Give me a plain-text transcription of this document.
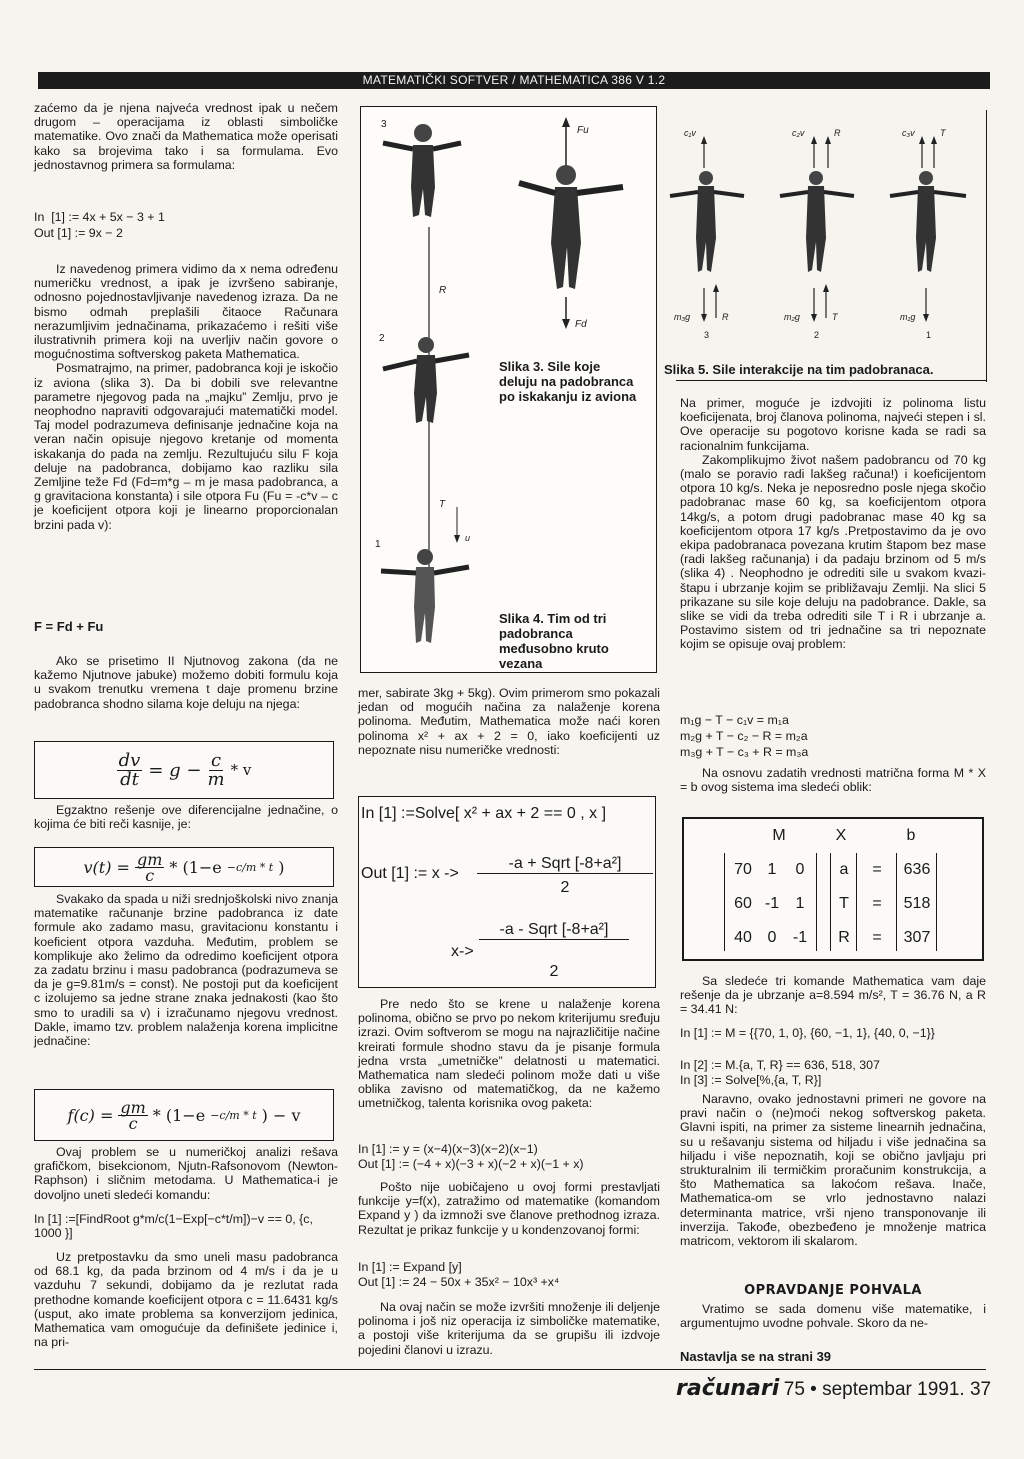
MATEMATIČKI SOFTVER / MATHEMATICA 386 V 1.2

zaćemo da je njena najveća vrednost ipak u nečem drugom – operacijama iz oblasti simboličke matematike. Ovo znači da Mathematica može operisati kako sa brojevima tako i sa formulama. Evo jednostavnog primera sa formulama:

In  [1] := 4x + 5x − 3 + 1
Out [1] := 9x − 2

Iz navedenog primera vidimo da x nema određenu numeričku vrednost, a ipak je izvršeno sabiranje, odnosno pojednostavljivanje navedenog izraza. Da ne bismo odmah preplašili čitaoce Računara nerazumljivim jednačinama, prikazaćemo i rešiti više ilustrativnih primera koji na uverljiv način govore o mogućnostima softverskog paketa Mathematica.

Posmatrajmo, na primer, padobranca koji je iskočio iz aviona (slika 3). Da bi dobili sve relevantne parametre njegovog pada na „majku” Zemlju, prvo je neophodno napraviti odgovarajući matematički model. Taj model podrazumeva definisanje jednačine koja na veran način opisuje njegovo kretanje od momenta iskakanja do pada na zemlju. Rezultujuću silu F koja deluje na padobranca, dobijamo kao razliku sila Zemljine teže Fd (Fd=m*g – m je masa padobranca, a g gravitaciona konstanta) i sile otpora Fu (Fu = -c*v – c je koeficijent otpora koji je linearno proporcionalan brzini pada v):

F = Fd + Fu

Ako se prisetimo II Njutnovog zakona (da ne kažemo Njutnove jabuke) možemo dobiti formulu koja u svakom trenutku vremena t daje promenu brzine padobranca shodno silama koje deluju na njega:

$\frac{dv}{dt} = g - \frac{c}{m} * v$

Egzaktno rešenje ove diferencijalne jednačine, o kojima će biti reči kasnije, je:

$v(t) = \frac{gm}{c} * (1-e -c/m * t$ )

Svakako da spada u niži srednjoškolski nivo znanja matematike računanje brzine padobranca iz date formule ako zadamo masu, gravitacionu konstantu i koeficient otpora vazduha. Međutim, problem se komplikuje ako želimo da odredimo koeficijent otpora za zadatu brzinu i masu padobranca (podrazumeva se da je g=9.81m/s = const). Ne postoji put da koeficijent c izolujemo sa jedne strane znaka jednakosti (kao što smo to uradili sa v) i izračunamo njegovu vrednost. Dakle, imamo tzv. problem nalaženja korena implicitne jednačine:

$f(c) = \frac{gm}{c} * (1-e -c/m * t$ ) − v

Ovaj problem se u numeričkoj analizi rešava grafičkom, bisekcionom, Njutn-Rafsonovom (Newton-Raphson) i sličnim metodama. U Mathematica-i je dovoljno uneti sledeći komandu:

In [1] :=[FindRoot g*m/c(1−Exp[−c*t/m])−v == 0, {c, 1000 }]

Uz pretpostavku da smo uneli masu padobranca od 68.1 kg, da pada brzinom od 4 m/s i da je u vazduhu 7 sekundi, dobijamo da je rezlutat rada prethodne komande koeficijent otpora c = 11.6431 kg/s (usput, ako imate problema sa konverzijom jedinica, Mathematica vam omogućuje da definišete jedinice i, na pri-

Fu
Fd
3
2
1
R
T
u
Slika 3. Sile koje deluju na padobranca po iskakanju iz aviona
Slika 4. Tim od tri padobranca međusobno kruto vezana
c₁v	c₂v	R	c₃v	T
m₃g	R	m₂g	T	m₁g
3	2	1
Slika 5. Sile interakcije na tim padobranaca.

mer, sabirate 3kg + 5kg). Ovim primerom smo pokazali jedan od mogućih načina za nalaženje korena polinoma. Međutim, Mathematica može naći koren polinoma x² + ax + 2 = 0, iako koeficijenti uz nepoznate nisu numeričke vrednosti:

In [1] :=Solve[ x² + ax + 2 == 0 , x ]
Out [1] := x ->
-a + Sqrt [-8+a²]
2
x->
-a - Sqrt [-8+a²]
2

Pre nedo što se krene u nalaženje korena polinoma, obično se prvo po nekom kriterijumu sređuju izrazi. Ovim softverom se mogu na najrazličitije načine kreirati formule shodno stavu da je pisanje formula jedna vrsta „umetničke” delatnosti u matematici. Mathematica nam sledeći polinom može dati u više oblika zavisno od matematičkog, da ne kažemo umetničkog, talenta korisnika ovog paketa:

In [1] := y = (x−4)(x−3)(x−2)(x−1)
Out [1] := (−4 + x)(−3 + x)(−2 + x)(−1 + x)

Pošto nije uobičajeno u ovoj formi prestavljati funkcije y=f(x), zatražimo od matematike (komandom Expand y ) da izmnoži sve članove prethodnog izraza. Rezultat je prikaz funkcije y u kondenzovanoj formi:

In [1] := Expand [y]
Out [1] := 24 − 50x + 35x² − 10x³ +x⁴

Na ovaj način se može izvršiti množenje ili deljenje polinoma i još niz operacija iz simboličke matematike, a postoji više kriterijuma da se grupišu ili izdvoje pojedini članovi u izrazu.

Na primer, moguće je izdvojiti iz polinoma listu koeficijenata, broj članova polinoma, najveći stepen i sl. Ove operacije su pogotovo korisne kada se radi sa racionalnim funkcijama.

Zakomplikujmo život našem padobrancu od 70 kg (malo se poravio radi lakšeg računa!) i koeficijentom otpora 10 kg/s. Neka je neposredno posle njega skočio padobranac mase 60 kg, sa koeficijentom otpora 14kg/s, a potom drugi padobranac mase 40 kg sa koeficijentom otpora 17 kg/s .Pretpostavimo da je ovo ekipa padobranaca povezana krutim štapom bez mase (radi lakšeg računanja) i da padaju brzinom od 5 m/s (slika 4) . Neophodno je odrediti sile u svakom kvazi-štapu i ubrzanje kojim se približavaju Zemlji. Na slici 5 prikazane su sile koje deluju na padobrance. Dakle, sa slike se vidi da treba odrediti sile T i R i ubrzanje a. Postavimo sistem od tri jednačine sa tri nepoznate kojim se opisuje ovaj problem:

m₁g − T − c₁v = m₁a
m₂g + T − c₂ − R = m₂a
m₃g + T − c₃ + R = m₃a

Na osnovu zadatih vrednosti matrična forma M * X = b ovog sistema ima sledeći oblik:

M	X	b
70 1	0	a	=	636
60 -1	1	T	=	518
40 0	-1	R	=	307

Sa sledeće tri komande Mathematica vam daje rešenje da je ubrzanje a=8.594 m/s², T = 36.76 N, a R = 34.41 N:

In [1] := M = {{70, 1, 0}, {60, −1, 1}, {40, 0, −1}}
In [2] := M.{a, T, R} == 636, 518, 307
In [3] := Solve[%,{a, T, R}]

Naravno, ovako jednostavni primeri ne govore na pravi način o (ne)moći nekog softverskog paketa. Glavni ispiti, na primer za sisteme linearnih jednačina, su u rešavanju sistema od hiljadu i više jednačina sa hiljadu i više nepoznatih, koji se obično javljaju pri strukturalnim ili termičkim proračunim konstrukcija, a što Mathematica sa lakoćom rešava. Inače, Mathematica-om se vrlo jednostavno nalazi determinanta matrice, vrši njeno transponovanje ili inverzija. Takođe, obezbeđeno je množenje matrica matricom, vektorom ili skalarom.

OPRAVDANJE POHVALA

Vratimo se sada domenu više matematike, i argumentujmo uvodne pohvale. Skoro da ne-

Nastavlja se na strani 39
računari 75 • septembar 1991. 37
